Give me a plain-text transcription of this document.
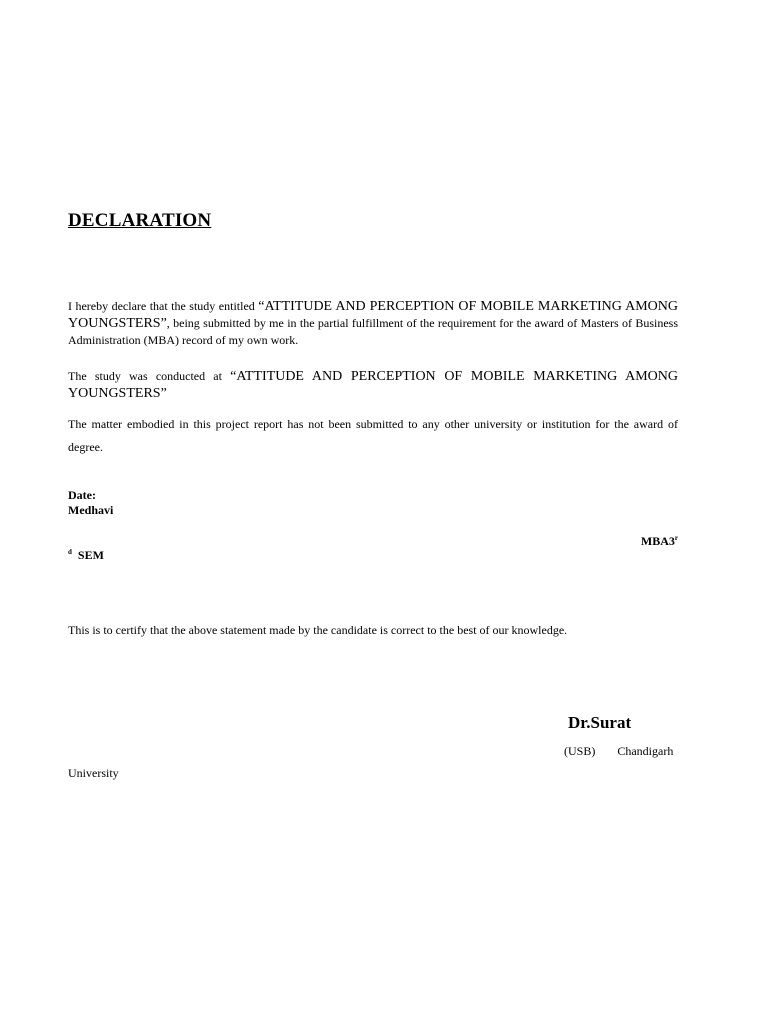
DECLARATION

I hereby declare that the study entitled “ATTITUDE AND PERCEPTION OF MOBILE MARKETING AMONG YOUNGSTERS”, being submitted by me in the partial fulfillment of the requirement for the award of Masters of Business Administration (MBA) record of my own work.

The study was conducted at “ATTITUDE AND PERCEPTION OF MOBILE MARKETING AMONG YOUNGSTERS”

The matter embodied in this project report has not been submitted to any other university or institution for the award of degree.

Date:
Medhavi
MBA3$^r$
$^d$ SEM

This is to certify that the above statement made by the candidate is correct to the best of our knowledge.

Dr.Surat
(USB) Chandigarh
University
